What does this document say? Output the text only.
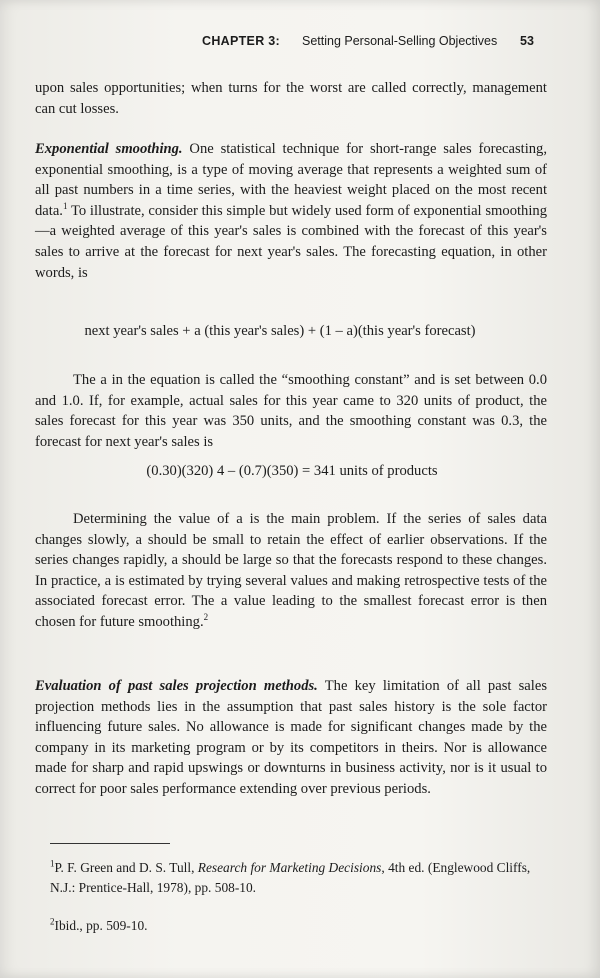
CHAPTER 3: Setting Personal-Selling Objectives 53

upon sales opportunities; when turns for the worst are called correctly, management can cut losses.

Exponential smoothing. One statistical technique for short-range sales forecasting, exponential smoothing, is a type of moving average that represents a weighted sum of all past numbers in a time series, with the heaviest weight placed on the most recent data.$^1$ To illustrate, consider this simple but widely used form of exponential smoothing—a weighted average of this year's sales is combined with the forecast of this year's sales to arrive at the forecast for next year's sales. The forecasting equation, in other words, is

next year's sales + a (this year's sales) + (1 – a)(this year's forecast)

The a in the equation is called the “smoothing constant” and is set between 0.0 and 1.0. If, for example, actual sales for this year came to 320 units of product, the sales forecast for this year was 350 units, and the smoothing constant was 0.3, the forecast for next year's sales is

(0.30)(320) 4 – (0.7)(350) = 341 units of products

Determining the value of a is the main problem. If the series of sales data changes slowly, a should be small to retain the effect of earlier observations. If the series changes rapidly, a should be large so that the forecasts respond to these changes. In practice, a is estimated by trying several values and making retrospective tests of the associated forecast error. The a value leading to the smallest forecast error is then chosen for future smoothing.$^2$

Evaluation of past sales projection methods. The key limitation of all past sales projection methods lies in the assumption that past sales history is the sole factor influencing future sales. No allowance is made for significant changes made by the company in its marketing program or by its competitors in theirs. Nor is allowance made for sharp and rapid upswings or downturns in business activity, nor is it usual to correct for poor sales performance extending over previous periods.

$^1$P. F. Green and D. S. Tull, Research for Marketing Decisions, 4th ed. (Englewood Cliffs, N.J.: Prentice-Hall, 1978), pp. 508-10.

$^2$Ibid., pp. 509-10.
